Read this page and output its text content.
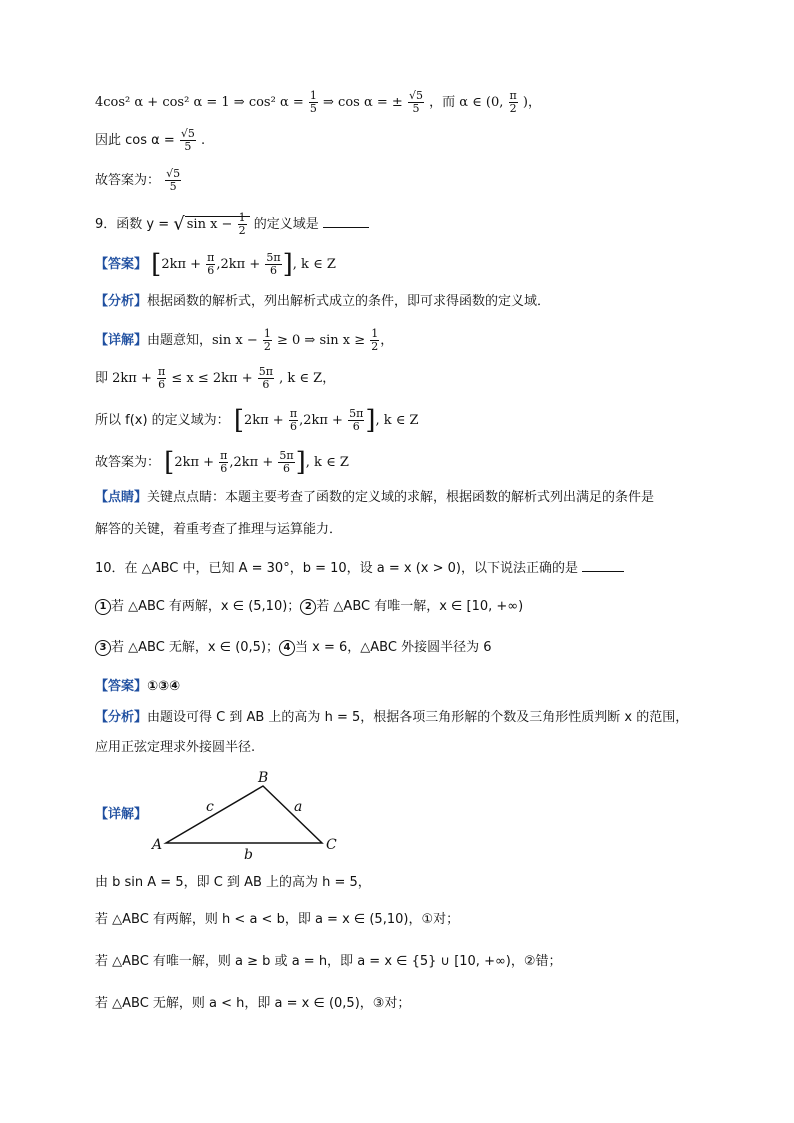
4cos² α + cos² α = 1 ⇒ cos² $\alpha = \frac{1}{5}$ ⇒ cos α = ± $\frac{√5}{5}$ ，而 α ∈ (0, $\frac{\pi}{2}$ )，
因此 $\cos \alpha = \frac{√5}{5}$ .
故答案为： $\frac{√5}{5}$
9．函数 y = √ $\sin x - \frac{1}{2}$ 的定义域是
【答案】 [$2k\pi + \frac{\pi}{6} ,2k\pi + \frac{5\pi}{6}$ ], k ∈ Z
【分析】根据函数的解析式，列出解析式成立的条件，即可求得函数的定义域．
【详解】由题意知，$\sin x - \frac{1}{2} \ge 0$ ⇒ $\sin x \ge \frac{1}{2}$ ，
即 $2k\pi + \frac{\pi}{6} \le x \le 2k\pi + \frac{5\pi}{6}$ , k ∈ Z，
所以 f(x) 的定义域为： [$2k\pi + \frac{\pi}{6} ,2k\pi + \frac{5\pi}{6}$ ], k ∈ Z
故答案为： [$2k\pi + \frac{\pi}{6} ,2k\pi + \frac{5\pi}{6}$ ], k ∈ Z
【点睛】关键点点睛：本题主要考查了函数的定义域的求解，根据函数的解析式列出满足的条件是
解答的关键，着重考查了推理与运算能力．
10．在 △ABC 中，已知 A = 30°，b = 10，设 a = x (x > 0)，以下说法正确的是
1 若 △ABC 有两解，x ∈ (5,10)； 2 若 △ABC 有唯一解，x ∈ [10, +∞)
3 若 △ABC 无解，x ∈ (0,5)； 4 当 x = 6，△ABC 外接圆半径为 6
【答案】①③④
【分析】由题设可得 C 到 AB 上的高为 h = 5，根据各项三角形解的个数及三角形性质判断 x 的范围，
应用正弦定理求外接圆半径.
【详解】
A
B
C
c	a
b
由 b sin A = 5，即 C 到 AB 上的高为 h = 5，
若 △ABC 有两解，则 h < a < b，即 a = x ∈ (5,10)，①对；
若 △ABC 有唯一解，则 a ≥ b 或 a = h，即 a = x ∈ {5} ∪ [10, +∞)，②错；
若 △ABC 无解，则 a < h，即 a = x ∈ (0,5)，③对；
